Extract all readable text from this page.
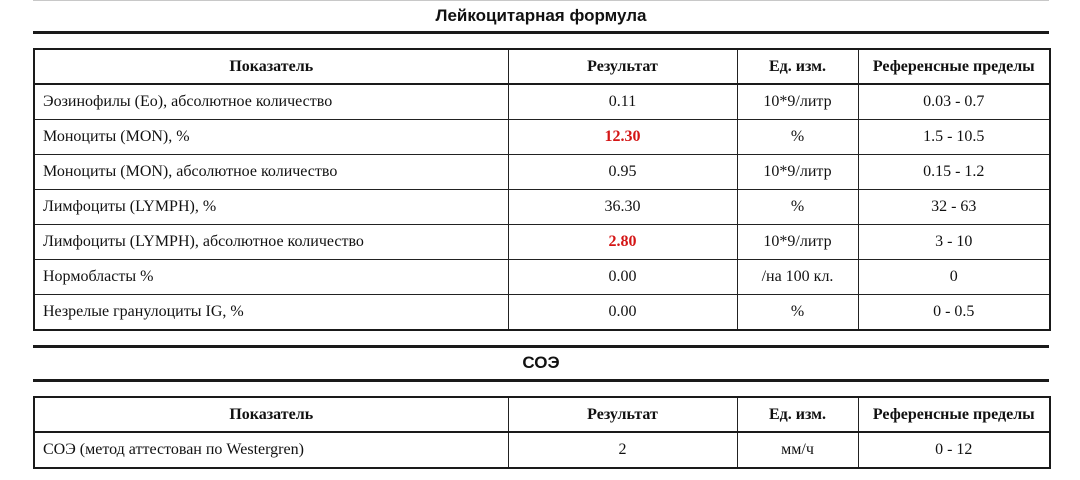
Лейкоцитарная формула
Показатель	Результат	Ед. изм.	Референсные пределы
Эозинофилы (Eo), абсолютное количество	0.11	10*9/литр	0.03 - 0.7
Моноциты (MON), %	12.30	%	1.5 - 10.5
Моноциты (MON), абсолютное количество	0.95	10*9/литр	0.15 - 1.2
Лимфоциты (LYMPH), %	36.30	%	32 - 63
Лимфоциты (LYMPH), абсолютное количество	2.80	10*9/литр	3 - 10
Нормобласты %	0.00	/на 100 кл.	0
Незрелые гранулоциты IG, %	0.00	%	0 - 0.5
СОЭ
Показатель	Результат	Ед. изм.	Референсные пределы
СОЭ (метод аттестован по Westergren)	2	мм/ч	0 - 12
